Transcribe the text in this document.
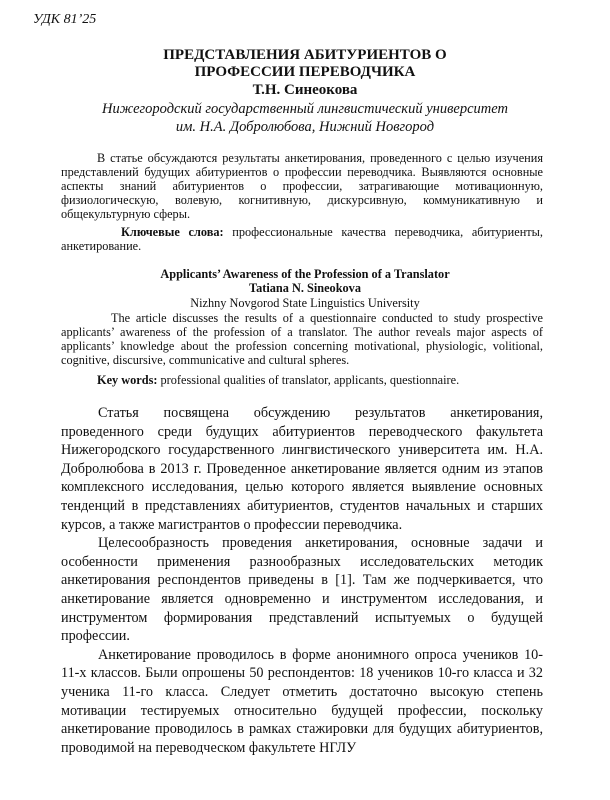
УДК 81’25
ПРЕДСТАВЛЕНИЯ АБИТУРИЕНТОВ О
ПРОФЕССИИ ПЕРЕВОДЧИКА
Т.Н. Синеокова
Нижегородский государственный лингвистический университет
им. Н.А. Добролюбова, Нижний Новгород
В статье обсуждаются результаты анкетирования, проведенного с целью изучения представлений будущих абитуриентов о профессии переводчика. Выявляются основные аспекты знаний абитуриентов о профессии, затрагивающие мотивационную, физиологическую, волевую, когнитивную, дискурсивную, коммуникативную и общекультурную сферы.
Ключевые слова: профессиональные качества переводчика, абитуриенты, анкетирование.
Applicants’ Awareness of the Profession of a Translator
Tatiana N. Sineokova
Nizhny Novgorod State Linguistics University
The article discusses the results of a questionnaire conducted to study prospective applicants’ awareness of the profession of a translator. The author reveals major aspects of applicants’ knowledge about the profession concerning motivational, physiologic, volitional, cognitive, discursive, communicative and cultural spheres.
Key words: professional qualities of translator, applicants, questionnaire.

Статья посвящена обсуждению результатов анкетирования, проведенного среди будущих абитуриентов переводческого факультета Нижегородского государственного лингвистического университета им. Н.А. Добролюбова в 2013 г. Проведенное анкетирование является одним из этапов комплексного исследования, целью которого является выявление основных тенденций в представлениях абитуриентов, студентов начальных и старших курсов, а также магистрантов о профессии переводчика.

Целесообразность проведения анкетирования, основные задачи и особенности применения разнообразных исследовательских методик анкетирования респондентов приведены в [1]. Там же подчеркивается, что анкетирование является одновременно и инструментом исследования, и инструментом формирования представлений испытуемых о будущей профессии.

Анкетирование проводилось в форме анонимного опроса учеников 10-11-х классов. Были опрошены 50 респондентов: 18 учеников 10-го класса и 32 ученика 11-го класса. Следует отметить достаточно высокую степень мотивации тестируемых относительно будущей профессии, поскольку анкетирование проводилось в рамках стажировки для будущих абитуриентов, проводимой на переводческом факультете НГЛУ
